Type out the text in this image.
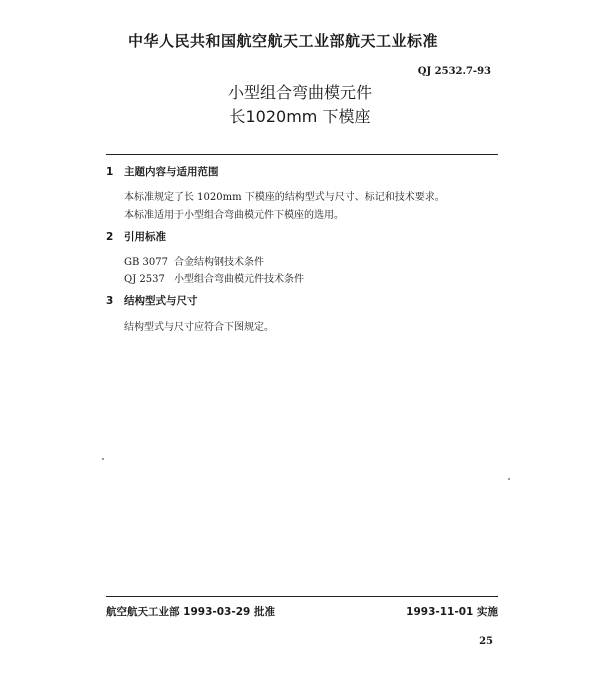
中华人民共和国航空航天工业部航天工业标准
QJ 2532.7-93
小型组合弯曲模元件
长1020mm 下模座
1 主题内容与适用范围
本标准规定了长 1020mm 下模座的结构型式与尺寸、标记和技术要求。
本标准适用于小型组合弯曲模元件下模座的选用。
2 引用标准
GB 3077 合金结构钢技术条件
QJ 2537 小型组合弯曲模元件技术条件
3 结构型式与尺寸
结构型式与尺寸应符合下图规定。
航空航天工业部 1993-03-29 批准	1993-11-01 实施
25
